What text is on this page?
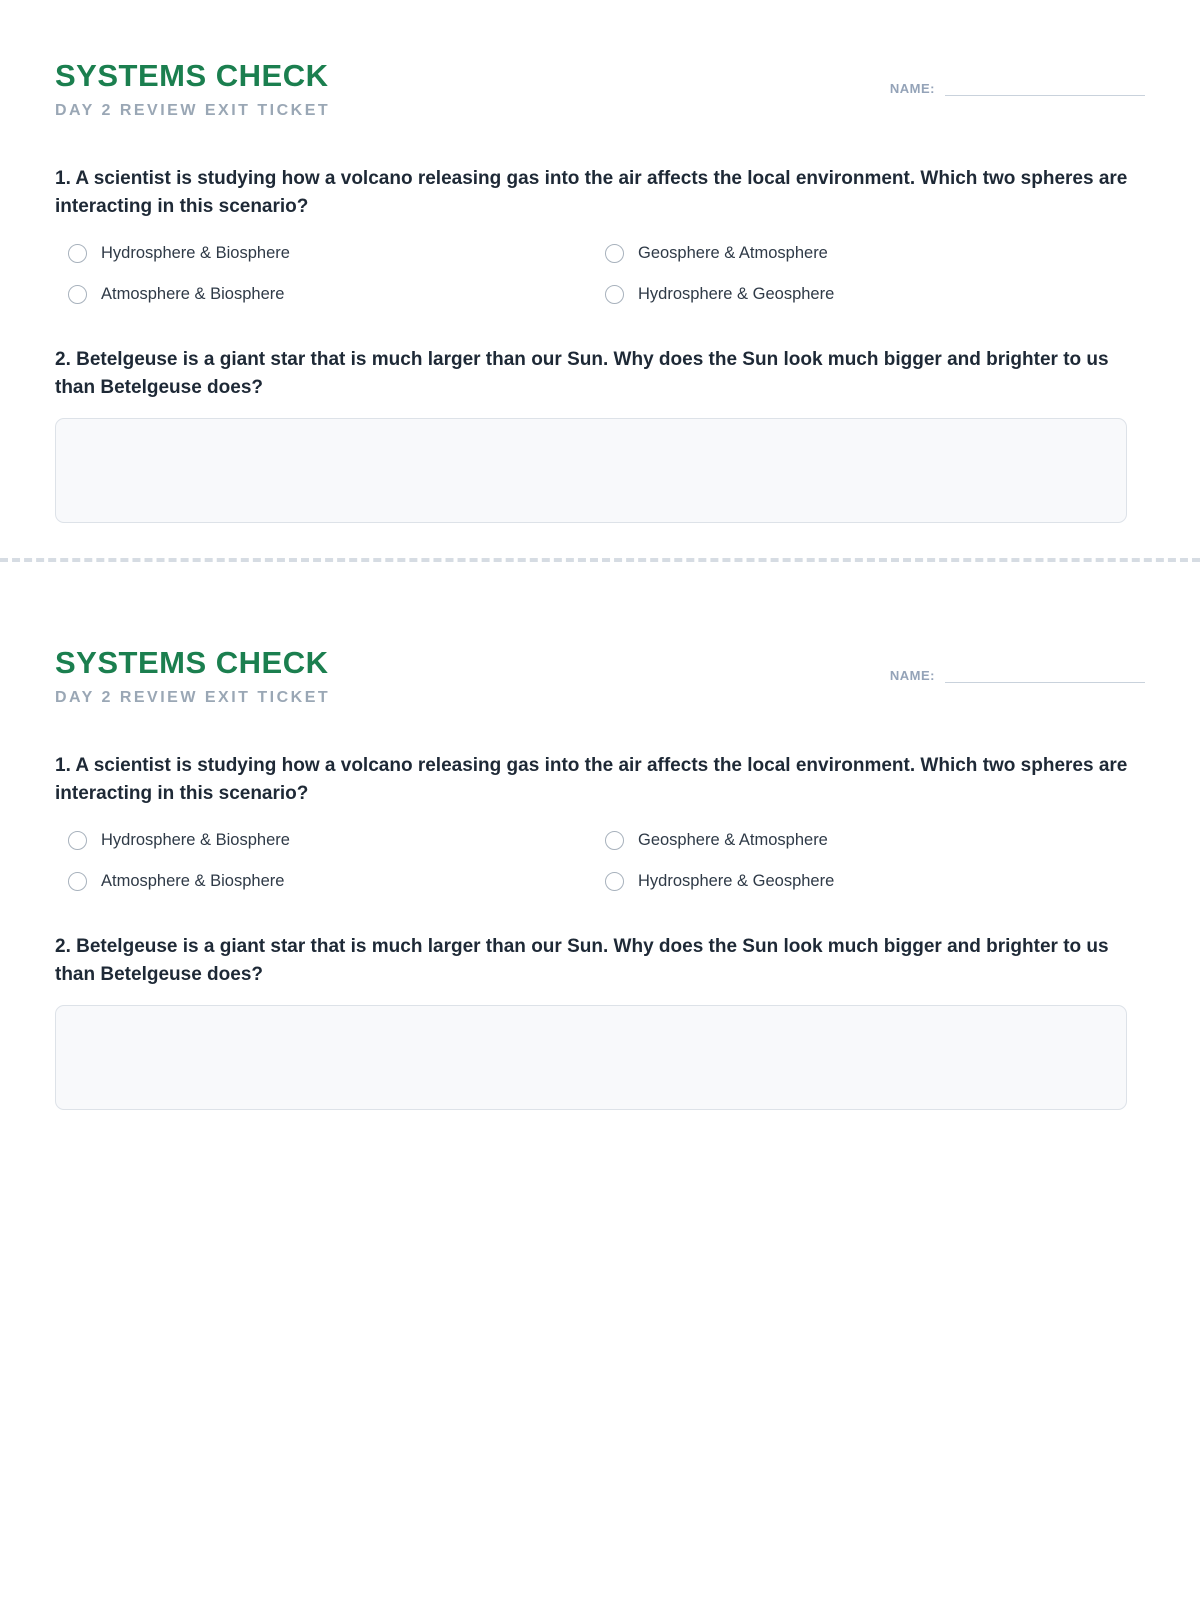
SYSTEMS CHECK
DAY 2 REVIEW EXIT TICKET
NAME:
1. A scientist is studying how a volcano releasing gas into the air affects the local environment. Which two spheres are interacting in this scenario?
Hydrosphere & Biosphere	Geosphere & Atmosphere
Atmosphere & Biosphere	Hydrosphere & Geosphere
2. Betelgeuse is a giant star that is much larger than our Sun. Why does the Sun look much bigger and brighter to us than Betelgeuse does?
SYSTEMS CHECK
DAY 2 REVIEW EXIT TICKET
NAME:
1. A scientist is studying how a volcano releasing gas into the air affects the local environment. Which two spheres are interacting in this scenario?
Hydrosphere & Biosphere	Geosphere & Atmosphere
Atmosphere & Biosphere	Hydrosphere & Geosphere
2. Betelgeuse is a giant star that is much larger than our Sun. Why does the Sun look much bigger and brighter to us than Betelgeuse does?
